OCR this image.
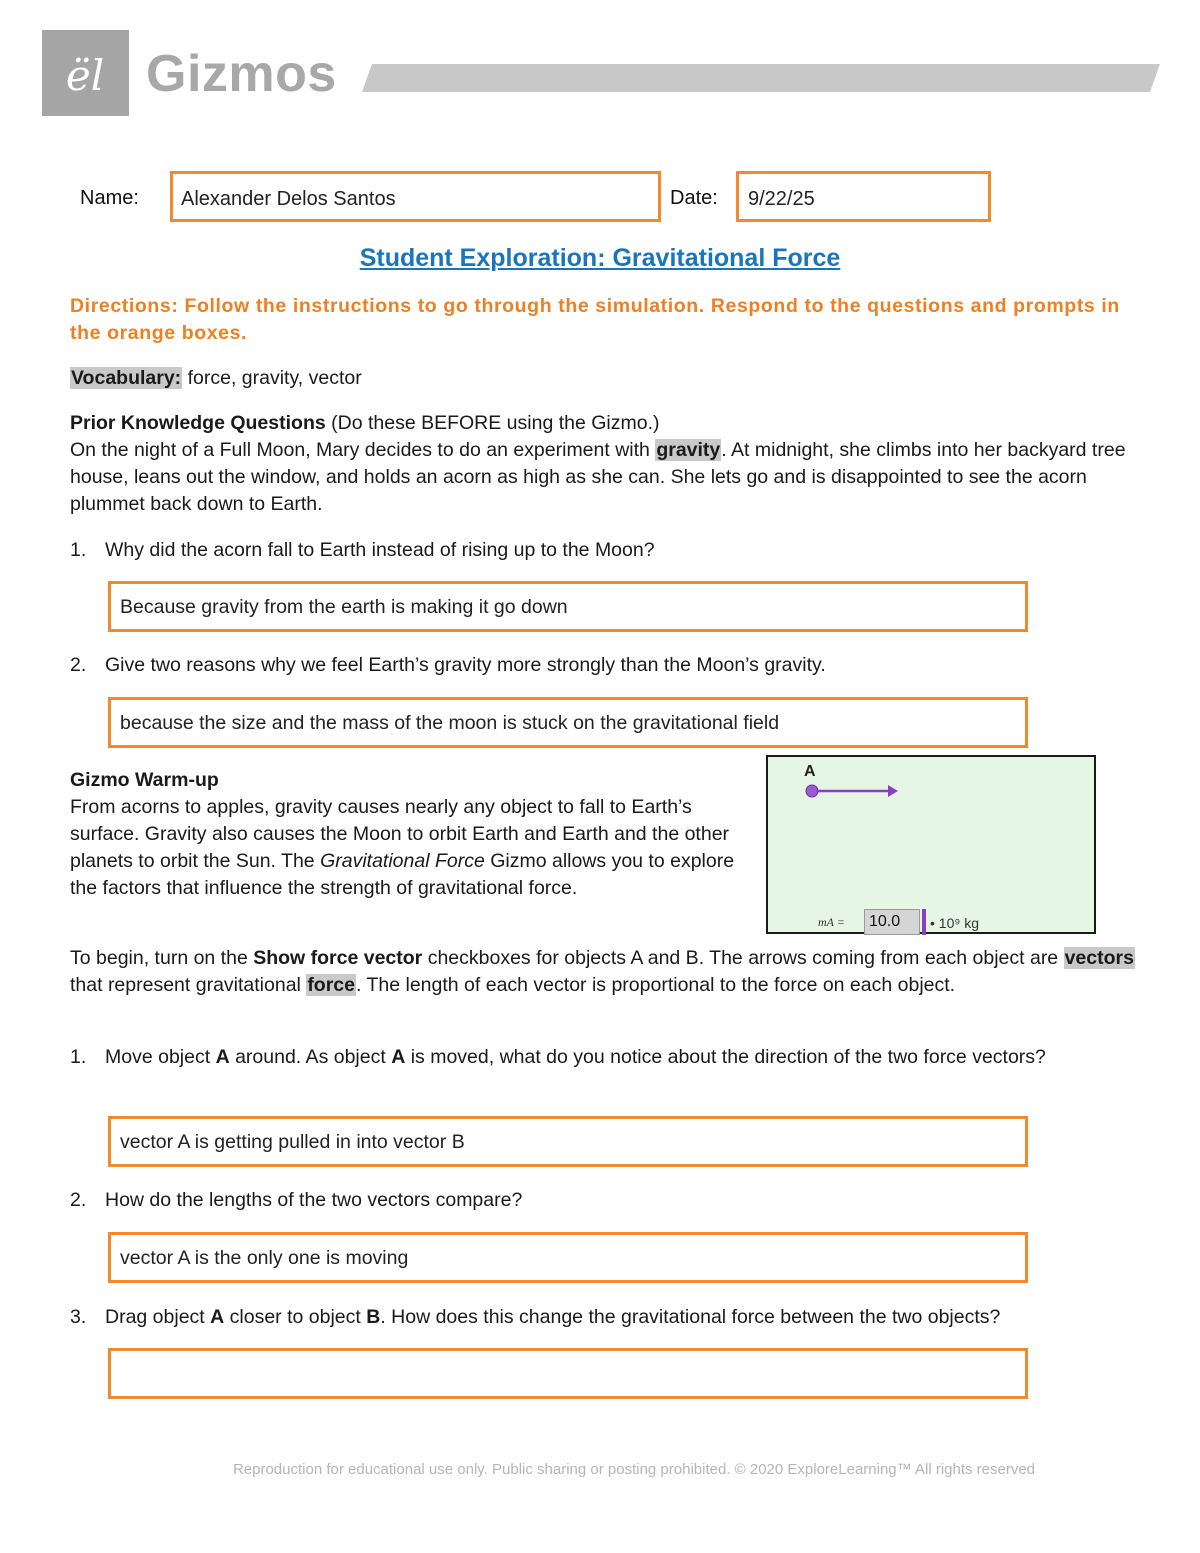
ël Gizmos
Name:	Alexander Delos Santos	Date:	9/22/25
Student Exploration: Gravitational Force
Directions: Follow the instructions to go through the simulation. Respond to the questions and prompts in the orange boxes.
Vocabulary: force, gravity, vector
Prior Knowledge Questions (Do these BEFORE using the Gizmo.)
On the night of a Full Moon, Mary decides to do an experiment with gravity. At midnight, she climbs into her backyard tree house, leans out the window, and holds an acorn as high as she can. She lets go and is disappointed to see the acorn plummet back down to Earth.
1. Why did the acorn fall to Earth instead of rising up to the Moon?
Because gravity from the earth is making it go down
2. Give two reasons why we feel Earth’s gravity more strongly than the Moon’s gravity.
because the size and the mass of the moon is stuck on the gravitational field
Gizmo Warm-up
From acorns to apples, gravity causes nearly any object to fall to Earth’s surface. Gravity also causes the Moon to orbit Earth and Earth and the other planets to orbit the Sun. The Gravitational Force Gizmo allows you to explore the factors that influence the strength of gravitational force.
A
mA =	10.0	• 10⁹ kg
To begin, turn on the Show force vector checkboxes for objects A and B. The arrows coming from each object are vectors that represent gravitational force. The length of each vector is proportional to the force on each object.
1. Move object A around. As object A is moved, what do you notice about the direction of the two force vectors?
vector A is getting pulled in into vector B
2. How do the lengths of the two vectors compare?
vector A is the only one is moving
3. Drag object A closer to object B. How does this change the gravitational force between the two objects?
Reproduction for educational use only. Public sharing or posting prohibited. © 2020 ExploreLearning™ All rights reserved
